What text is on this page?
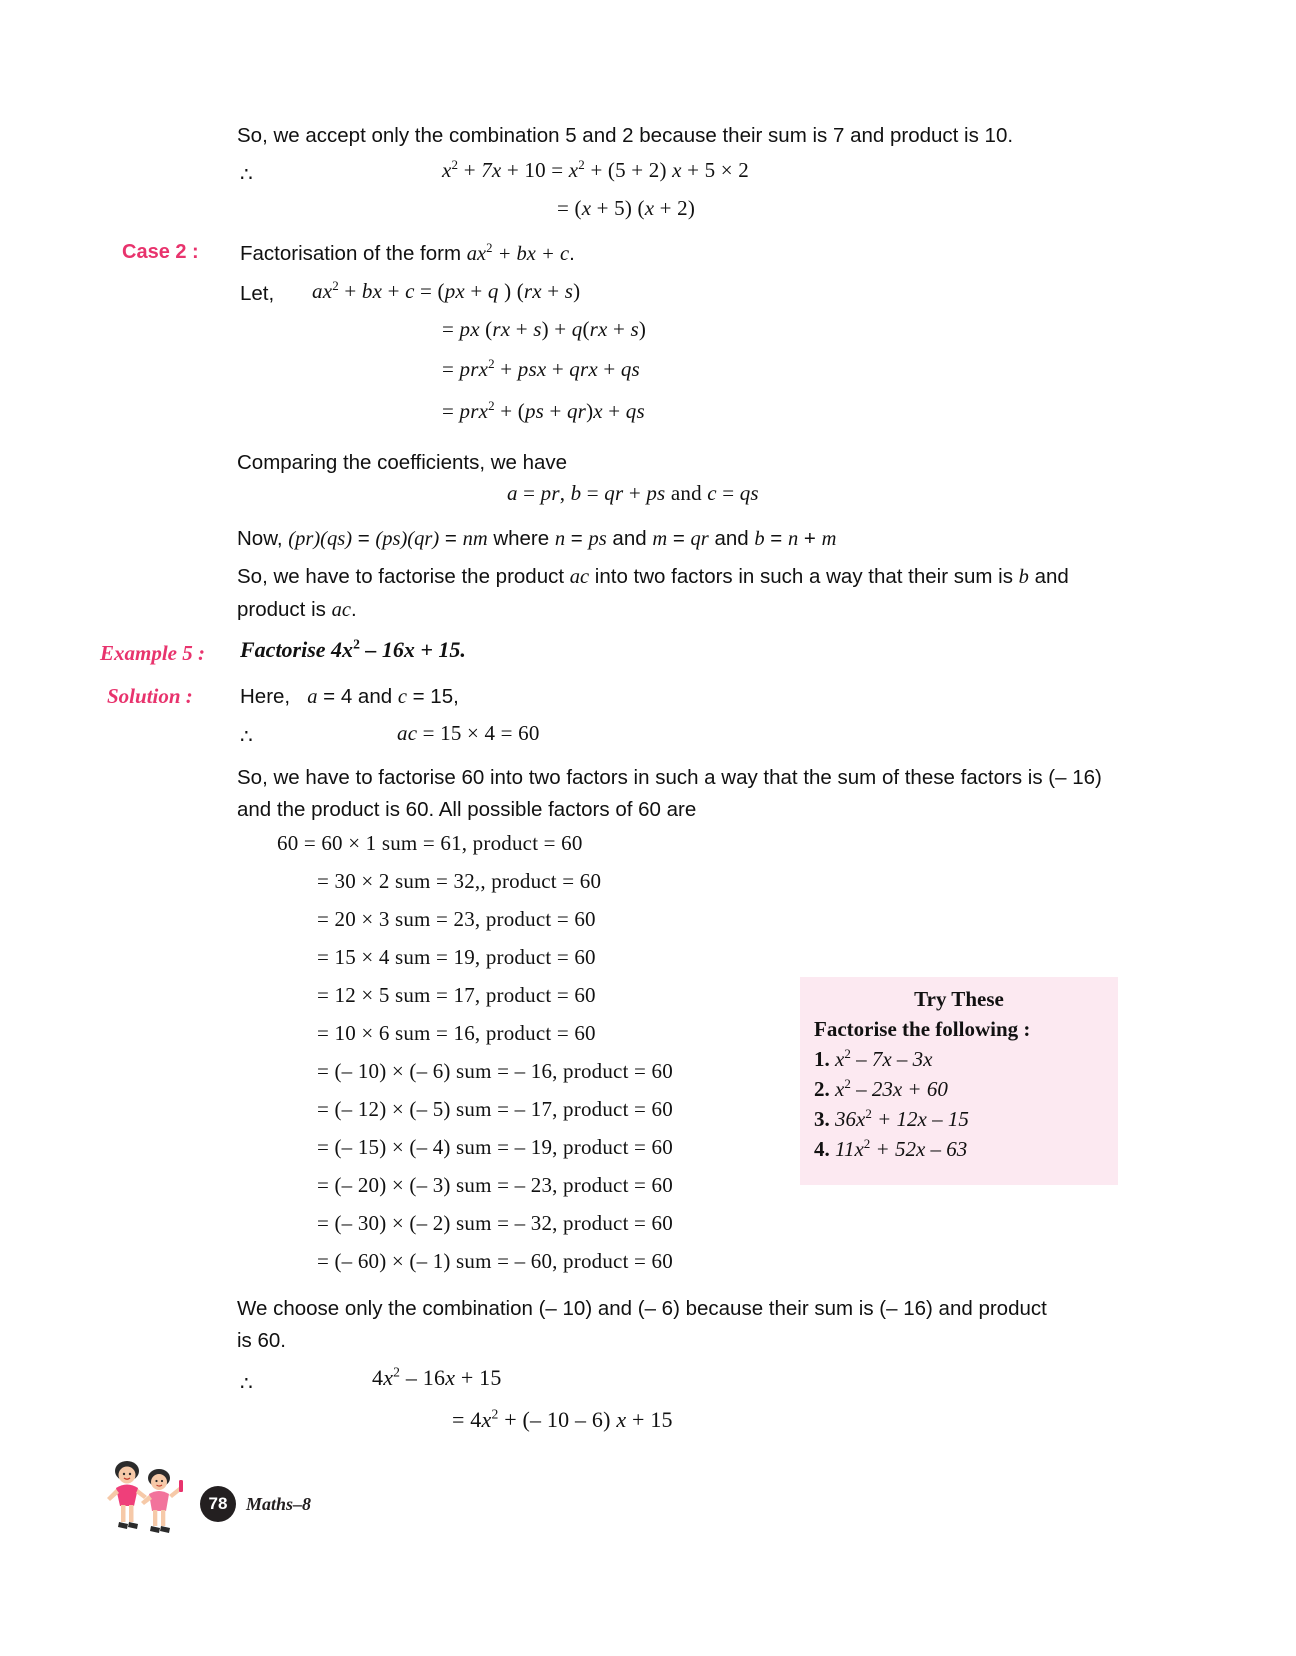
So, we accept only the combination 5 and 2 because their sum is 7 and product is 10.

∴	$x^2 + 7x + 10 = x^2 + (5 + 2) x + 5 \times 2$
= (x + 5) (x + 2)
Case 2 : Factorisation of the form $ax^2$ + bx + c.
Let, $ax^2$ + bx + c = (px + q ) (rx + s)
= px (rx + s) + q(rx + s)
= prx$^2$ + psx + qrx + qs
= prx$^2$ + (ps + qr)x + qs

Comparing the coefficients, we have

a = pr, b = qr + ps and c = qs

Now, (pr)(qs) = (ps)(qr) = nm where n = ps and m = qr and b = n + m

So, we have to factorise the product ac into two factors in such a way that their sum is b and product is ac.

Example 5 : Factorise $4x^2 - 16x + 15$.
Solution : Here,   a = 4 and c = 15,
∴	ac = 15 × 4 = 60

So, we have to factorise 60 into two factors in such a way that the sum of these factors is (– 16) and the product is 60. All possible factors of 60 are

60 = 60 × 1 sum = 61, product = 60
= 30 × 2 sum = 32,, product = 60
= 20 × 3 sum = 23, product = 60
= 15 × 4 sum = 19, product = 60
= 12 × 5 sum = 17, product = 60
= 10 × 6 sum = 16, product = 60
= (– 10) × (– 6) sum = – 16, product = 60
= (– 12) × (– 5) sum = – 17, product = 60
= (– 15) × (– 4) sum = – 19, product = 60
= (– 20) × (– 3) sum = – 23, product = 60
= (– 30) × (– 2) sum = – 32, product = 60
= (– 60) × (– 1) sum = – 60, product = 60

We choose only the combination (– 10) and (– 6) because their sum is (– 16) and product is 60.

∴	$4x^2 - 16x + 15$
= $4x^2$ + (– 10 – 6) x + 15
Try These
Factorise the following :
1. $x^2 - 7x - 3x$
2. $x^2 - 23x + 60$
3. $36x^2 + 12x - 15$
4. $11x^2 + 52x - 63$
78	Maths–8
